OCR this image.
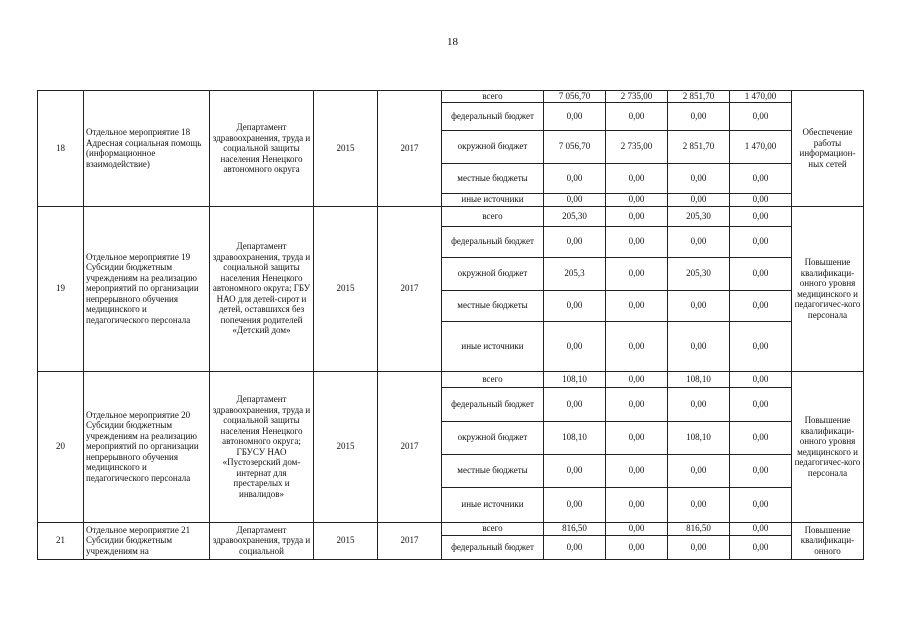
18
18	Отдельное мероприятие 18 Адресная социальная помощь (информационное взаимодействие)	Департамент здравоохранения, труда и социальной защиты населения Ненецкого автономного округа	2015	2017	всего	7 056,70	2 735,00	2 851,70	1 470,00	Обеспечение работы информацион-ных сетей
					федеральный бюджет	0,00	0,00	0,00	0,00	
					окружной бюджет	7 056,70	2 735,00	2 851,70	1 470,00	
					местные бюджеты	0,00	0,00	0,00	0,00	
					иные источники	0,00	0,00	0,00	0,00	
19	Отдельное мероприятие 19 Субсидии бюджетным учреждениям на реализацию мероприятий по организации непрерывного обучения медицинского и педагогического персонала	Департамент здравоохранения, труда и социальной защиты населения Ненецкого автономного округа; ГБУ НАО для детей-сирот и детей, оставшихся без попечения родителей «Детский дом»	2015	2017	всего	205,30	0,00	205,30	0,00	Повышение квалификаци-онного уровня медицинского и педагогичес-кого персонала
					федеральный бюджет	0,00	0,00	0,00	0,00	
					окружной бюджет	205,3	0,00	205,30	0,00	
					местные бюджеты	0,00	0,00	0,00	0,00	
					иные источники	0,00	0,00	0,00	0,00	
20	Отдельное мероприятие 20 Субсидии бюджетным учреждениям на реализацию мероприятий по организации непрерывного обучения медицинского и педагогического персонала	Департамент здравоохранения, труда и социальной защиты населения Ненецкого автономного округа; ГБУСУ НАО «Пустозерский дом-интернат для престарелых и инвалидов»	2015	2017	всего	108,10	0,00	108,10	0,00	Повышение квалификаци-онного уровня медицинского и педагогичес-кого персонала
					федеральный бюджет	0,00	0,00	0,00	0,00	
					окружной бюджет	108,10	0,00	108,10	0,00	
					местные бюджеты	0,00	0,00	0,00	0,00	
					иные источники	0,00	0,00	0,00	0,00	
21	Отдельное мероприятие 21 Субсидии бюджетным учреждениям на	Департамент здравоохранения, труда и социальной	2015	2017	всего	816,50	0,00	816,50	0,00	Повышение квалификаци-онного
					федеральный бюджет	0,00	0,00	0,00	0,00	
